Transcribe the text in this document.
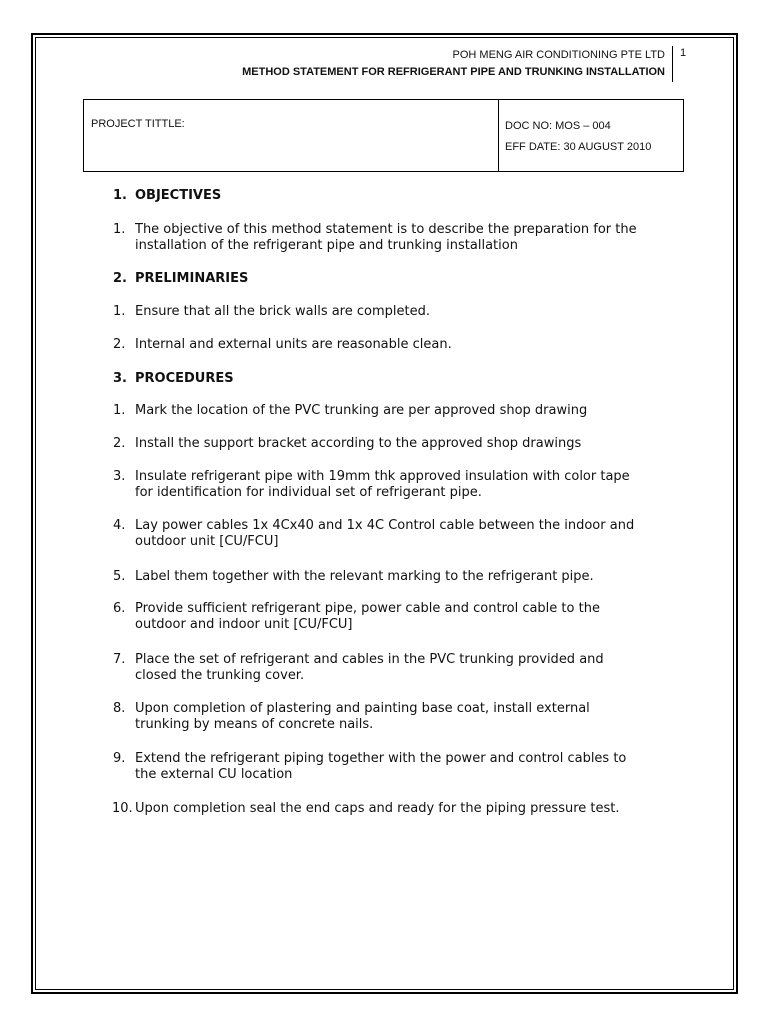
POH MENG AIR CONDITIONING PTE LTD
METHOD STATEMENT FOR REFRIGERANT PIPE AND TRUNKING INSTALLATION
1
PROJECT TITTLE:	DOC NO: MOS – 004
EFF DATE: 30 AUGUST 2010
1. OBJECTIVES
1. The objective of this method statement is to describe the preparation for the
installation of the refrigerant pipe and trunking installation
2. PRELIMINARIES
1. Ensure that all the brick walls are completed.
2. Internal and external units are reasonable clean.
3. PROCEDURES
1. Mark the location of the PVC trunking are per approved shop drawing
2. Install the support bracket according to the approved shop drawings
3. Insulate refrigerant pipe with 19mm thk approved insulation with color tape
for identification for individual set of refrigerant pipe.
4. Lay power cables 1x 4Cx40 and 1x 4C Control cable between the indoor and
outdoor unit [CU/FCU]
5. Label them together with the relevant marking to the refrigerant pipe.
6. Provide sufficient refrigerant pipe, power cable and control cable to the
outdoor and indoor unit [CU/FCU]
7. Place the set of refrigerant and cables in the PVC trunking provided and
closed the trunking cover.
8. Upon completion of plastering and painting base coat, install external
trunking by means of concrete nails.
9. Extend the refrigerant piping together with the power and control cables to
the external CU location
10. Upon completion seal the end caps and ready for the piping pressure test.
